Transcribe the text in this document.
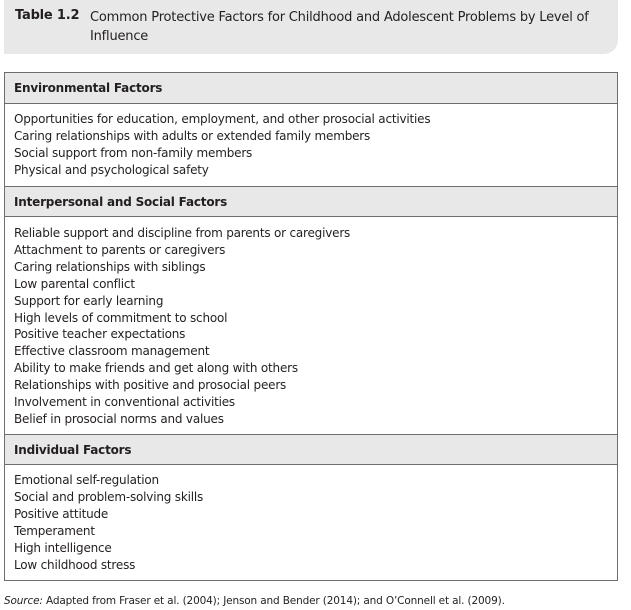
Table 1.2 Common Protective Factors for Childhood and Adolescent Problems by Level of Influence
Environmental Factors
Opportunities for education, employment, and other prosocial activities
Caring relationships with adults or extended family members
Social support from non-family members
Physical and psychological safety
Interpersonal and Social Factors
Reliable support and discipline from parents or caregivers
Attachment to parents or caregivers
Caring relationships with siblings
Low parental conflict
Support for early learning
High levels of commitment to school
Positive teacher expectations
Effective classroom management
Ability to make friends and get along with others
Relationships with positive and prosocial peers
Involvement in conventional activities
Belief in prosocial norms and values
Individual Factors
Emotional self-regulation
Social and problem-solving skills
Positive attitude
Temperament
High intelligence
Low childhood stress
Source: Adapted from Fraser et al. (2004); Jenson and Bender (2014); and O’Connell et al. (2009).
